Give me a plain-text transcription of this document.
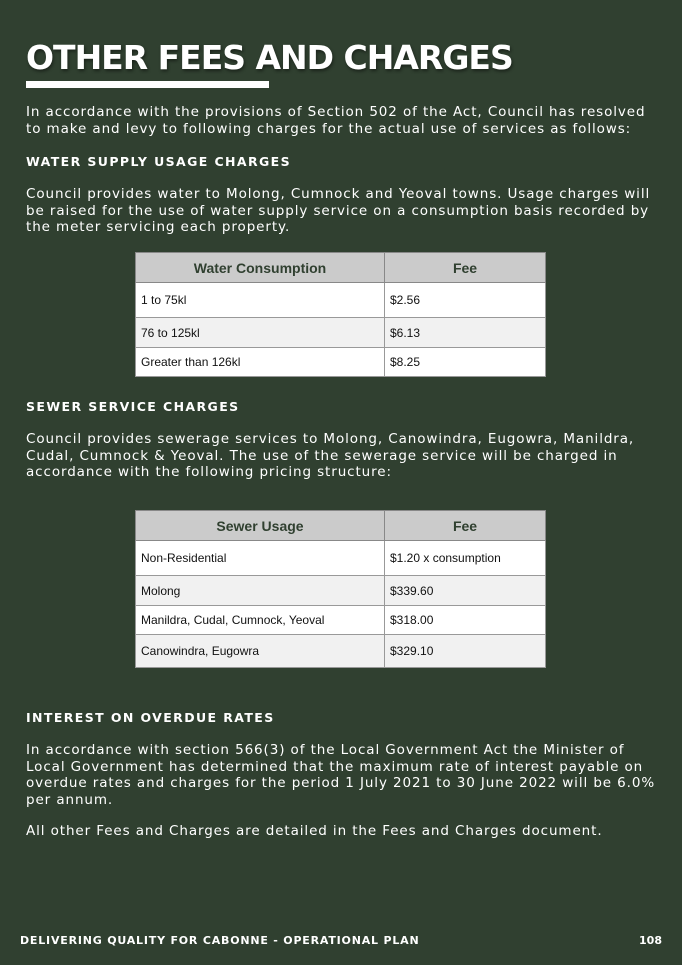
OTHER FEES AND CHARGES

In accordance with the provisions of Section 502 of the Act, Council has resolved to make and levy to following charges for the actual use of services as follows:

WATER SUPPLY USAGE CHARGES

Council provides water to Molong, Cumnock and Yeoval towns. Usage charges will be raised for the use of water supply service on a consumption basis recorded by the meter servicing each property.

Water Consumption	Fee
1 to 75kl	$2.56
76 to 125kl	$6.13
Greater than 126kl	$8.25
SEWER SERVICE CHARGES

Council provides sewerage services to Molong, Canowindra, Eugowra, Manildra, Cudal, Cumnock & Yeoval. The use of the sewerage service will be charged in accordance with the following pricing structure:

Sewer Usage	Fee
Non-Residential	$1.20 x consumption
Molong	$339.60
Manildra, Cudal, Cumnock, Yeoval	$318.00
Canowindra, Eugowra	$329.10
INTEREST ON OVERDUE RATES

In accordance with section 566(3) of the Local Government Act the Minister of Local Government has determined that the maximum rate of interest payable on overdue rates and charges for the period 1 July 2021 to 30 June 2022 will be 6.0% per annum.

All other Fees and Charges are detailed in the Fees and Charges document.

DELIVERING QUALITY FOR CABONNE - OPERATIONAL PLAN	108
